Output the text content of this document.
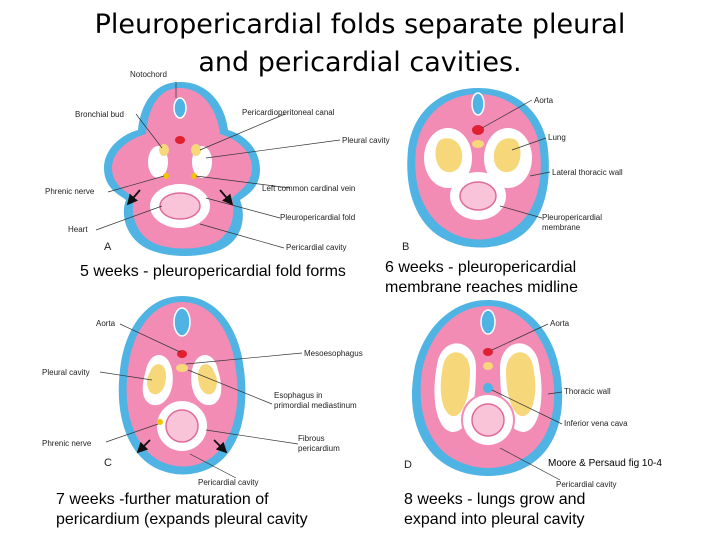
Pleuropericardial folds separate pleural
and pericardial cavities.
Notochord
Bronchial bud	Pericardioperitoneal canal
Pleural cavity
Phrenic nerve	Left common cardinal vein
Heart
Pleuropericardial fold
Pericardial cavity
A
Aorta
Lung
Lateral thoracic wall
Pleuropericardial
membrane
B
Aorta
Mesoesophagus
Pleural cavity
Esophagus in
primordial mediastinum
Phrenic nerve
Fibrous
pericardium
Pericardial cavity
C
Aorta
Thoracic wall
Inferior vena cava
Pericardial cavity
D
5 weeks - pleuropericardial fold forms	6 weeks - pleuropericardial membrane reaches midline
Moore & Persaud fig 10-4
7 weeks -further maturation of
pericardium (expands pleural cavity
8 weeks - lungs grow and
expand into pleural cavity
